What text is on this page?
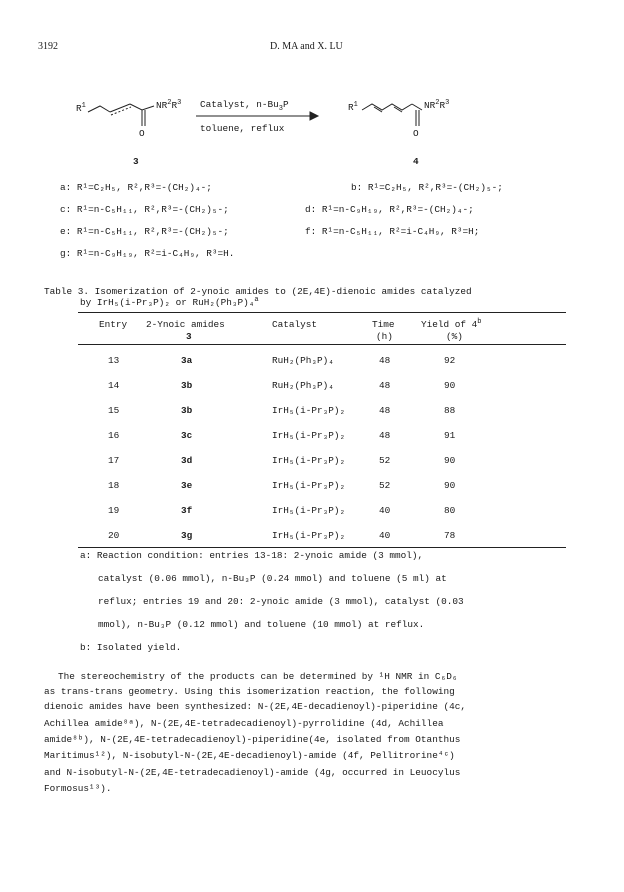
3192	D. MA and X. LU
$R^1$	$NR^2R^3$
O
3
Catalyst, $n-Bu_3P$
toluene, reflux
$R^1$	$NR^2R^3$
O
4
a: R¹=C₂H₅, R²,R³=-(CH₂)₄-;	b: R¹=C₂H₅, R²,R³=-(CH₂)₅-;
c: R¹=n-C₅H₁₁, R²,R³=-(CH₂)₅-;	d: R¹=n-C₉H₁₉, R²,R³=-(CH₂)₄-;
e: R¹=n-C₅H₁₁, R²,R³=-(CH₂)₅-;	f: R¹=n-C₅H₁₁, R²=i-C₄H₉, R³=H;
g: R¹=n-C₉H₁₉, R²=i-C₄H₉, R³=H.
Table 3. Isomerization of 2-ynoic amides to (2E,4E)-dienoic amides catalyzed
by IrH₅(i-Pr₃P)₂ or RuH₂(Ph₃P)₄$^a$
Entry 2-Ynoic amides
3
Catalyst	Time
(h)
Yield of 4$^b$
(%)
13	3a	RuH₂(Ph₃P)₄	48	92
14	3b	RuH₂(Ph₃P)₄	48	90
15	3b	IrH₅(i-Pr₃P)₂	48	88
16	3c	IrH₅(i-Pr₃P)₂	48	91
17	3d	IrH₅(i-Pr₃P)₂	52	90
18	3e	IrH₅(i-Pr₃P)₂	52	90
19	3f	IrH₅(i-Pr₃P)₂	40	80
20	3g	IrH₅(i-Pr₃P)₂	40	78
a: Reaction condition: entries 13-18: 2-ynoic amide (3 mmol),
catalyst (0.06 mmol), n-Bu₃P (0.24 mmol) and toluene (5 ml) at
reflux; entries 19 and 20: 2-ynoic amide (3 mmol), catalyst (0.03
mmol), n-Bu₃P (0.12 mmol) and toluene (10 mmol) at reflux.
b: Isolated yield.
The stereochemistry of the products can be determined by ¹H NMR in C₆D₆
as trans-trans geometry. Using this isomerization reaction, the following
dienoic amides have been synthesized: N-(2E,4E-decadienoyl)-piperidine (4c,
Achillea amide⁸ᵃ), N-(2E,4E-tetradecadienoyl)-pyrrolidine (4d, Achillea
amide⁸ᵇ), N-(2E,4E-tetradecadienoyl)-piperidine(4e, isolated from Otanthus
Maritimus¹²), N-isobutyl-N-(2E,4E-decadienoyl)-amide (4f, Pellitrorine⁴ᶜ)
and N-isobutyl-N-(2E,4E-tetradecadienoyl)-amide (4g, occurred in Leuocylus
Formosus¹³).
